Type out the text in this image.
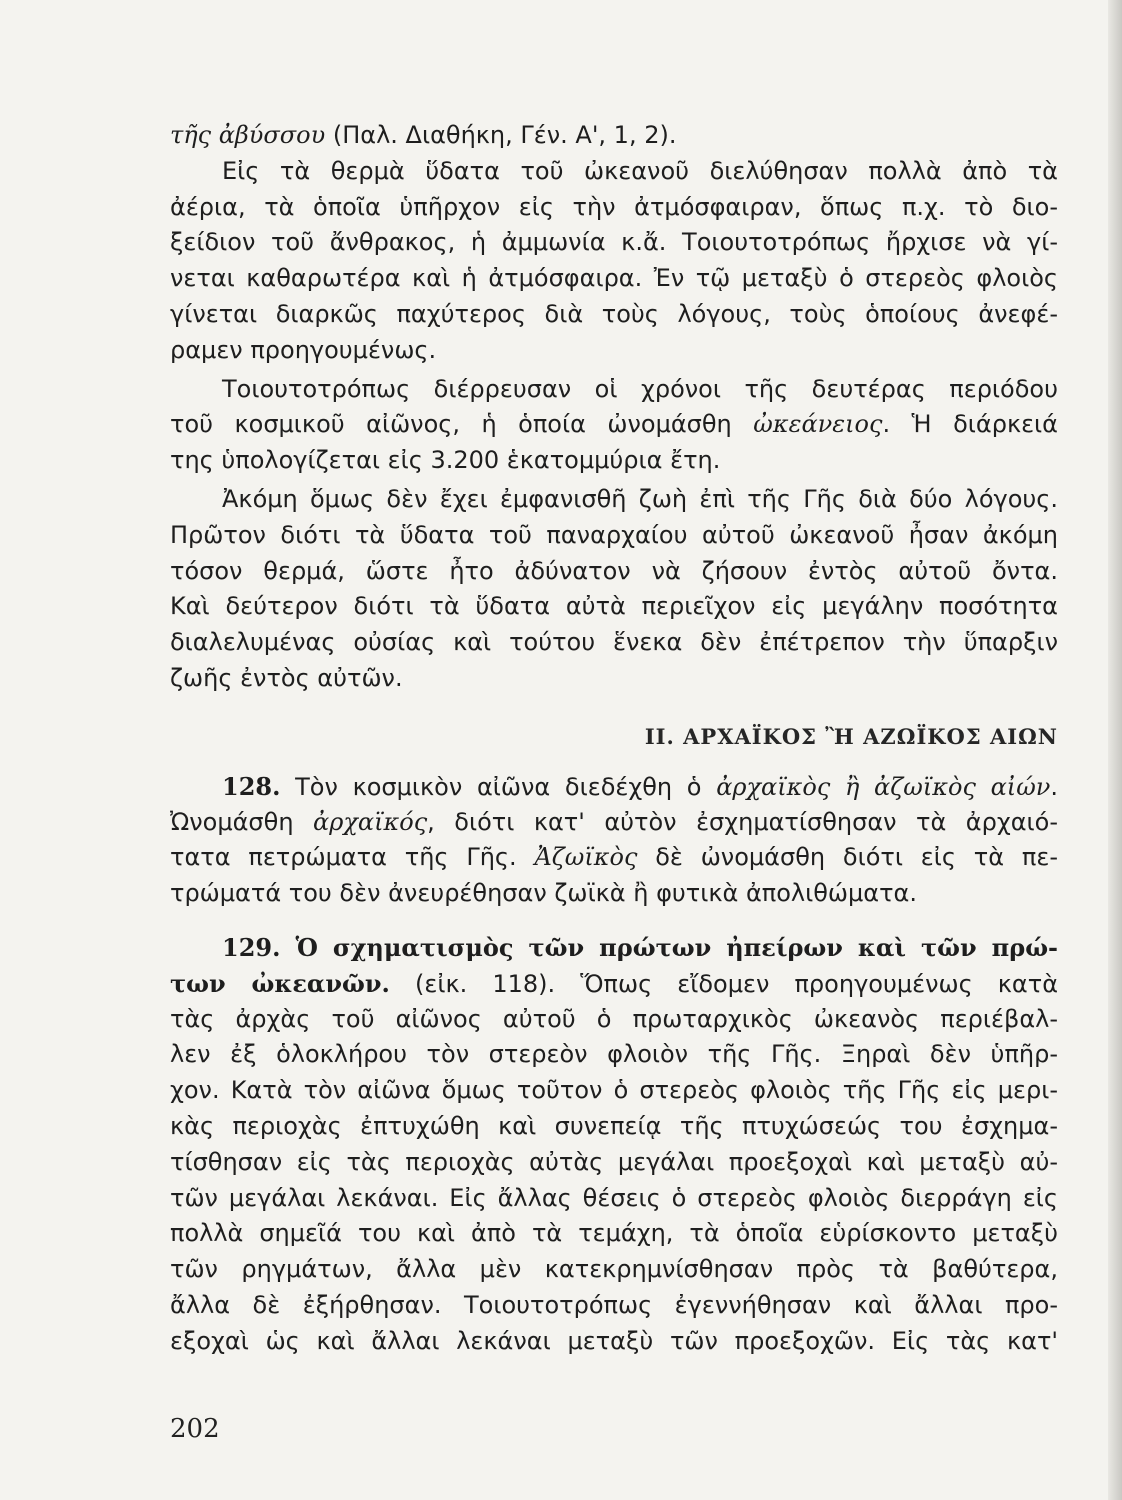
τῆς ἀβύσσου (Παλ. Διαθήκη, Γέν. Α', 1, 2).
Εἰς τὰ θερμὰ ὕδατα τοῦ ὠκεανοῦ διελύθησαν πολλὰ ἀπὸ τὰ
ἀέρια, τὰ ὁποῖα ὑπῆρχον εἰς τὴν ἀτμόσφαιραν, ὅπως π.χ. τὸ διο-
ξείδιον τοῦ ἄνθρακος, ἡ ἀμμωνία κ.ἄ. Τοιουτοτρόπως ἤρχισε νὰ γί-
νεται καθαρωτέρα καὶ ἡ ἀτμόσφαιρα. Ἐν τῷ μεταξὺ ὁ στερεὸς φλοιὸς
γίνεται διαρκῶς παχύτερος διὰ τοὺς λόγους, τοὺς ὁποίους ἀνεφέ-
ραμεν προηγουμένως.
Τοιουτοτρόπως διέρρευσαν οἱ χρόνοι τῆς δευτέρας περιόδου
τοῦ κοσμικοῦ αἰῶνος, ἡ ὁποία ὠνομάσθη ὠκεάνειος. Ἡ διάρκειά
της ὑπολογίζεται εἰς 3.200 ἑκατομμύρια ἔτη.
Ἀκόμη ὅμως δὲν ἔχει ἐμφανισθῆ ζωὴ ἐπὶ τῆς Γῆς διὰ δύο λόγους.
Πρῶτον διότι τὰ ὕδατα τοῦ παναρχαίου αὐτοῦ ὠκεανοῦ ἦσαν ἀκόμη
τόσον θερμά, ὥστε ἦτο ἀδύνατον νὰ ζήσουν ἐντὸς αὐτοῦ ὄντα.
Καὶ δεύτερον διότι τὰ ὕδατα αὐτὰ περιεῖχον εἰς μεγάλην ποσότητα
διαλελυμένας οὐσίας καὶ τούτου ἕνεκα δὲν ἐπέτρεπον τὴν ὕπαρξιν
ζωῆς ἐντὸς αὐτῶν.
II. ΑΡΧΑΪΚΟΣ Ἢ ΑΖΩΪΚΟΣ ΑΙΩΝ
128. Τὸν κοσμικὸν αἰῶνα διεδέχθη ὁ ἀρχαϊκὸς ἢ ἀζωϊκὸς αἰών.
Ὠνομάσθη ἀρχαϊκός, διότι κατ' αὐτὸν ἐσχηματίσθησαν τὰ ἀρχαιό-
τατα πετρώματα τῆς Γῆς. Ἀζωϊκὸς δὲ ὠνομάσθη διότι εἰς τὰ πε-
τρώματά του δὲν ἀνευρέθησαν ζωϊκὰ ἢ φυτικὰ ἀπολιθώματα.
129. Ὁ σχηματισμὸς τῶν πρώτων ἠπείρων καὶ τῶν πρώ-
των ὠκεανῶν. (εἰκ. 118). Ὅπως εἴδομεν προηγουμένως κατὰ
τὰς ἀρχὰς τοῦ αἰῶνος αὐτοῦ ὁ πρωταρχικὸς ὠκεανὸς περιέβαλ-
λεν ἐξ ὁλοκλήρου τὸν στερεὸν φλοιὸν τῆς Γῆς. Ξηραὶ δὲν ὑπῆρ-
χον. Κατὰ τὸν αἰῶνα ὅμως τοῦτον ὁ στερεὸς φλοιὸς τῆς Γῆς εἰς μερι-
κὰς περιοχὰς ἐπτυχώθη καὶ συνεπείᾳ τῆς πτυχώσεώς του ἐσχημα-
τίσθησαν εἰς τὰς περιοχὰς αὐτὰς μεγάλαι προεξοχαὶ καὶ μεταξὺ αὐ-
τῶν μεγάλαι λεκάναι. Εἰς ἄλλας θέσεις ὁ στερεὸς φλοιὸς διερράγη εἰς
πολλὰ σημεῖά του καὶ ἀπὸ τὰ τεμάχη, τὰ ὁποῖα εὑρίσκοντο μεταξὺ
τῶν ρηγμάτων, ἄλλα μὲν κατεκρημνίσθησαν πρὸς τὰ βαθύτερα,
ἄλλα δὲ ἐξήρθησαν. Τοιουτοτρόπως ἐγεννήθησαν καὶ ἄλλαι προ-
εξοχαὶ ὡς καὶ ἄλλαι λεκάναι μεταξὺ τῶν προεξοχῶν. Εἰς τὰς κατ'
202
